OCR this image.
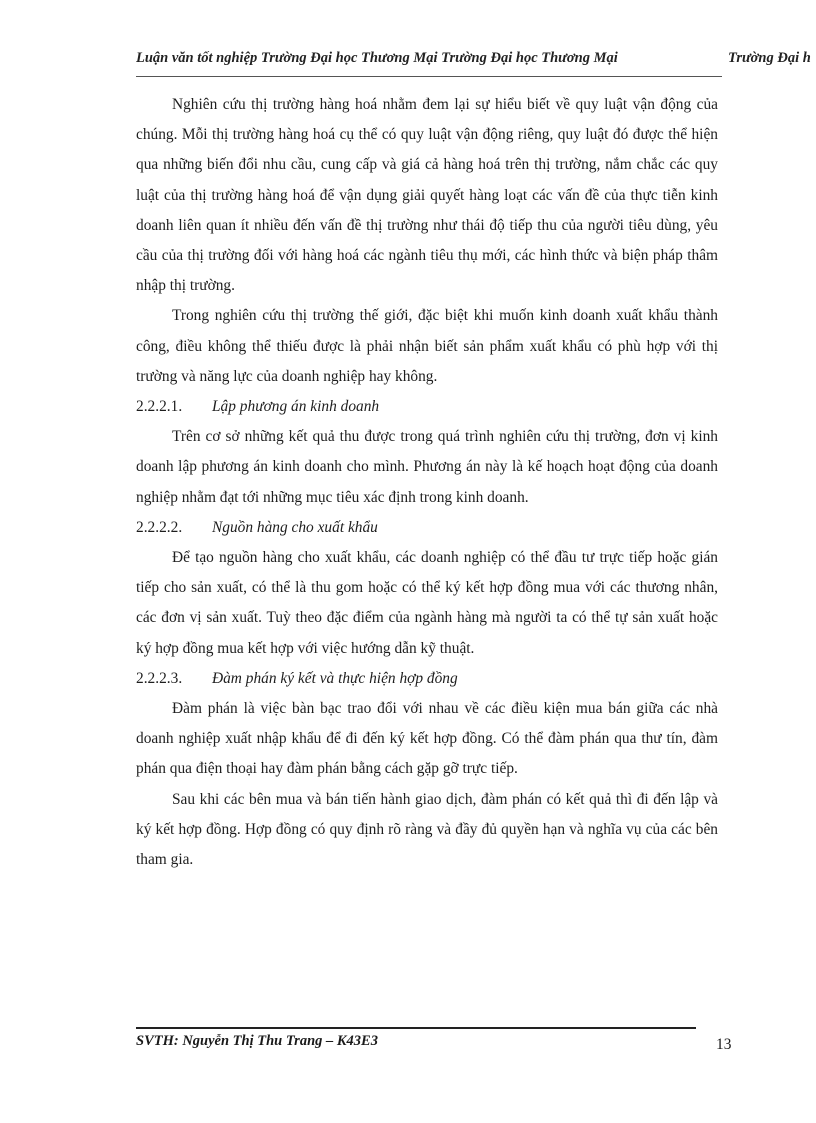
Luận văn tốt nghiệp Trường Đại học Thương Mại Trường Đại học Thương Mại	Trường Đại h

Nghiên cứu thị trường hàng hoá nhằm đem lại sự hiểu biết về quy luật vận động của chúng. Mỗi thị trường hàng hoá cụ thể có quy luật vận động riêng, quy luật đó được thể hiện qua những biến đổi nhu cầu, cung cấp và giá cả hàng hoá trên thị trường, nắm chắc các quy luật của thị trường hàng hoá để vận dụng giải quyết hàng loạt các vấn đề của thực tiễn kinh doanh liên quan ít nhiều đến vấn đề thị trường như thái độ tiếp thu của người tiêu dùng, yêu cầu của thị trường đối với hàng hoá các ngành tiêu thụ mới, các hình thức và biện pháp thâm nhập thị trường.

Trong nghiên cứu thị trường thế giới, đặc biệt khi muốn kinh doanh xuất khẩu thành công, điều không thể thiếu được là phải nhận biết sản phẩm xuất khẩu có phù hợp với thị trường và năng lực của doanh nghiệp hay không.

2.2.2.1. Lập phương án kinh doanh

Trên cơ sở những kết quả thu được trong quá trình nghiên cứu thị trường, đơn vị kinh doanh lập phương án kinh doanh cho mình. Phương án này là kế hoạch hoạt động của doanh nghiệp nhằm đạt tới những mục tiêu xác định trong kinh doanh.

2.2.2.2. Nguồn hàng cho xuất khẩu

Để tạo nguồn hàng cho xuất khẩu, các doanh nghiệp có thể đầu tư trực tiếp hoặc gián tiếp cho sản xuất, có thể là thu gom hoặc có thể ký kết hợp đồng mua với các thương nhân, các đơn vị sản xuất. Tuỳ theo đặc điểm của ngành hàng mà người ta có thể tự sản xuất hoặc ký hợp đồng mua kết hợp với việc hướng dẫn kỹ thuật.

2.2.2.3. Đàm phán ký kết và thực hiện hợp đồng

Đàm phán là việc bàn bạc trao đổi với nhau về các điều kiện mua bán giữa các nhà doanh nghiệp xuất nhập khẩu để đi đến ký kết hợp đồng. Có thể đàm phán qua thư tín, đàm phán qua điện thoại hay đàm phán bằng cách gặp gỡ trực tiếp.

Sau khi các bên mua và bán tiến hành giao dịch, đàm phán có kết quả thì đi đến lập và ký kết hợp đồng. Hợp đồng có quy định rõ ràng và đầy đủ quyền hạn và nghĩa vụ của các bên tham gia.

SVTH: Nguyễn Thị Thu Trang – K43E3	13
